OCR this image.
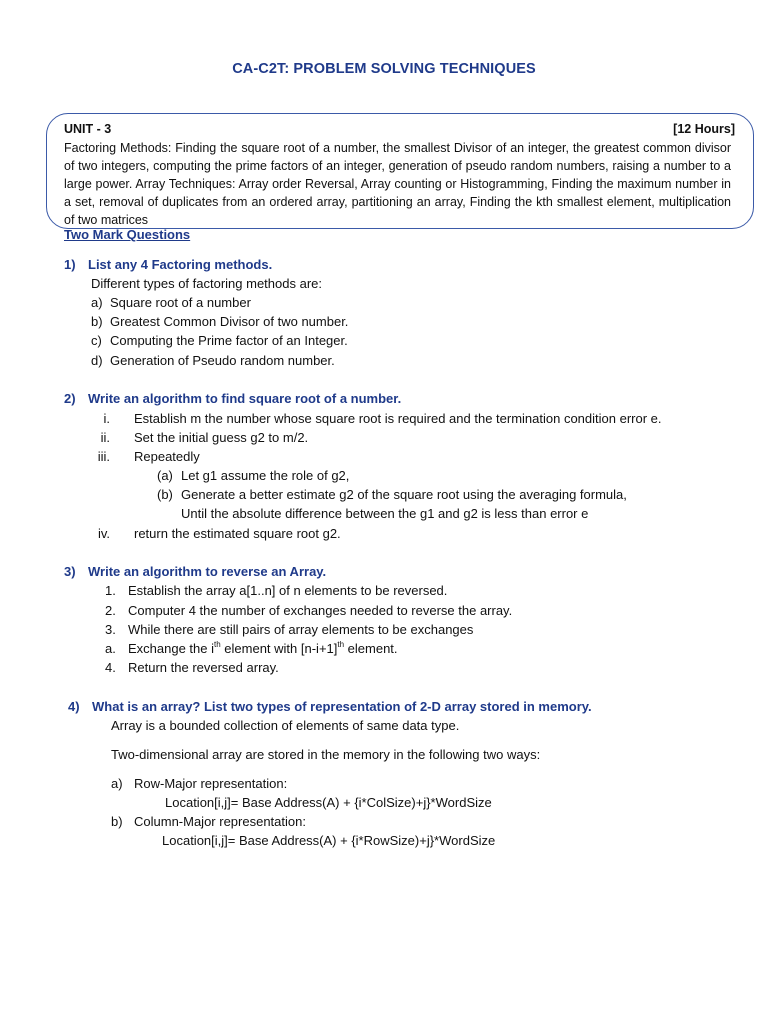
CA-C2T: PROBLEM SOLVING TECHNIQUES
UNIT - 3	[12 Hours]
Factoring Methods: Finding the square root of a number, the smallest Divisor of an integer, the greatest common divisor of two integers, computing the prime factors of an integer, generation of pseudo random numbers, raising a number to a large power. Array Techniques: Array order Reversal, Array counting or Histogramming, Finding the maximum number in a set, removal of duplicates from an ordered array, partitioning an array, Finding the kth smallest element, multiplication of two matrices
Two Mark Questions
1) List any 4 Factoring methods.
Different types of factoring methods are:
a) Square root of a number
b) Greatest Common Divisor of two number.
c) Computing the Prime factor of an Integer.
d) Generation of Pseudo random number.
2) Write an algorithm to find square root of a number.
i. Establish m the number whose square root is required and the termination condition error e.
ii. Set the initial guess g2 to m/2.
iii. Repeatedly
(a) Let g1 assume the role of g2,
(b) Generate a better estimate g2 of the square root using the averaging formula,
Until the absolute difference between the g1 and g2 is less than error e
iv. return the estimated square root g2.
3) Write an algorithm to reverse an Array.
1. Establish the array a[1..n] of n elements to be reversed.
2. Computer 4 the number of exchanges needed to reverse the array.
3. While there are still pairs of array elements to be exchanges
a. Exchange the $i^{th}$ element with $[n-i+1]^{th}$ element.
4. Return the reversed array.
4) What is an array? List two types of representation of 2-D array stored in memory.
Array is a bounded collection of elements of same data type.
Two-dimensional array are stored in the memory in the following two ways:
a) Row-Major representation:
Location[i,j]= Base Address(A) + {i*ColSize)+j}*WordSize
b) Column-Major representation:
Location[i,j]= Base Address(A) + {i*RowSize)+j}*WordSize
